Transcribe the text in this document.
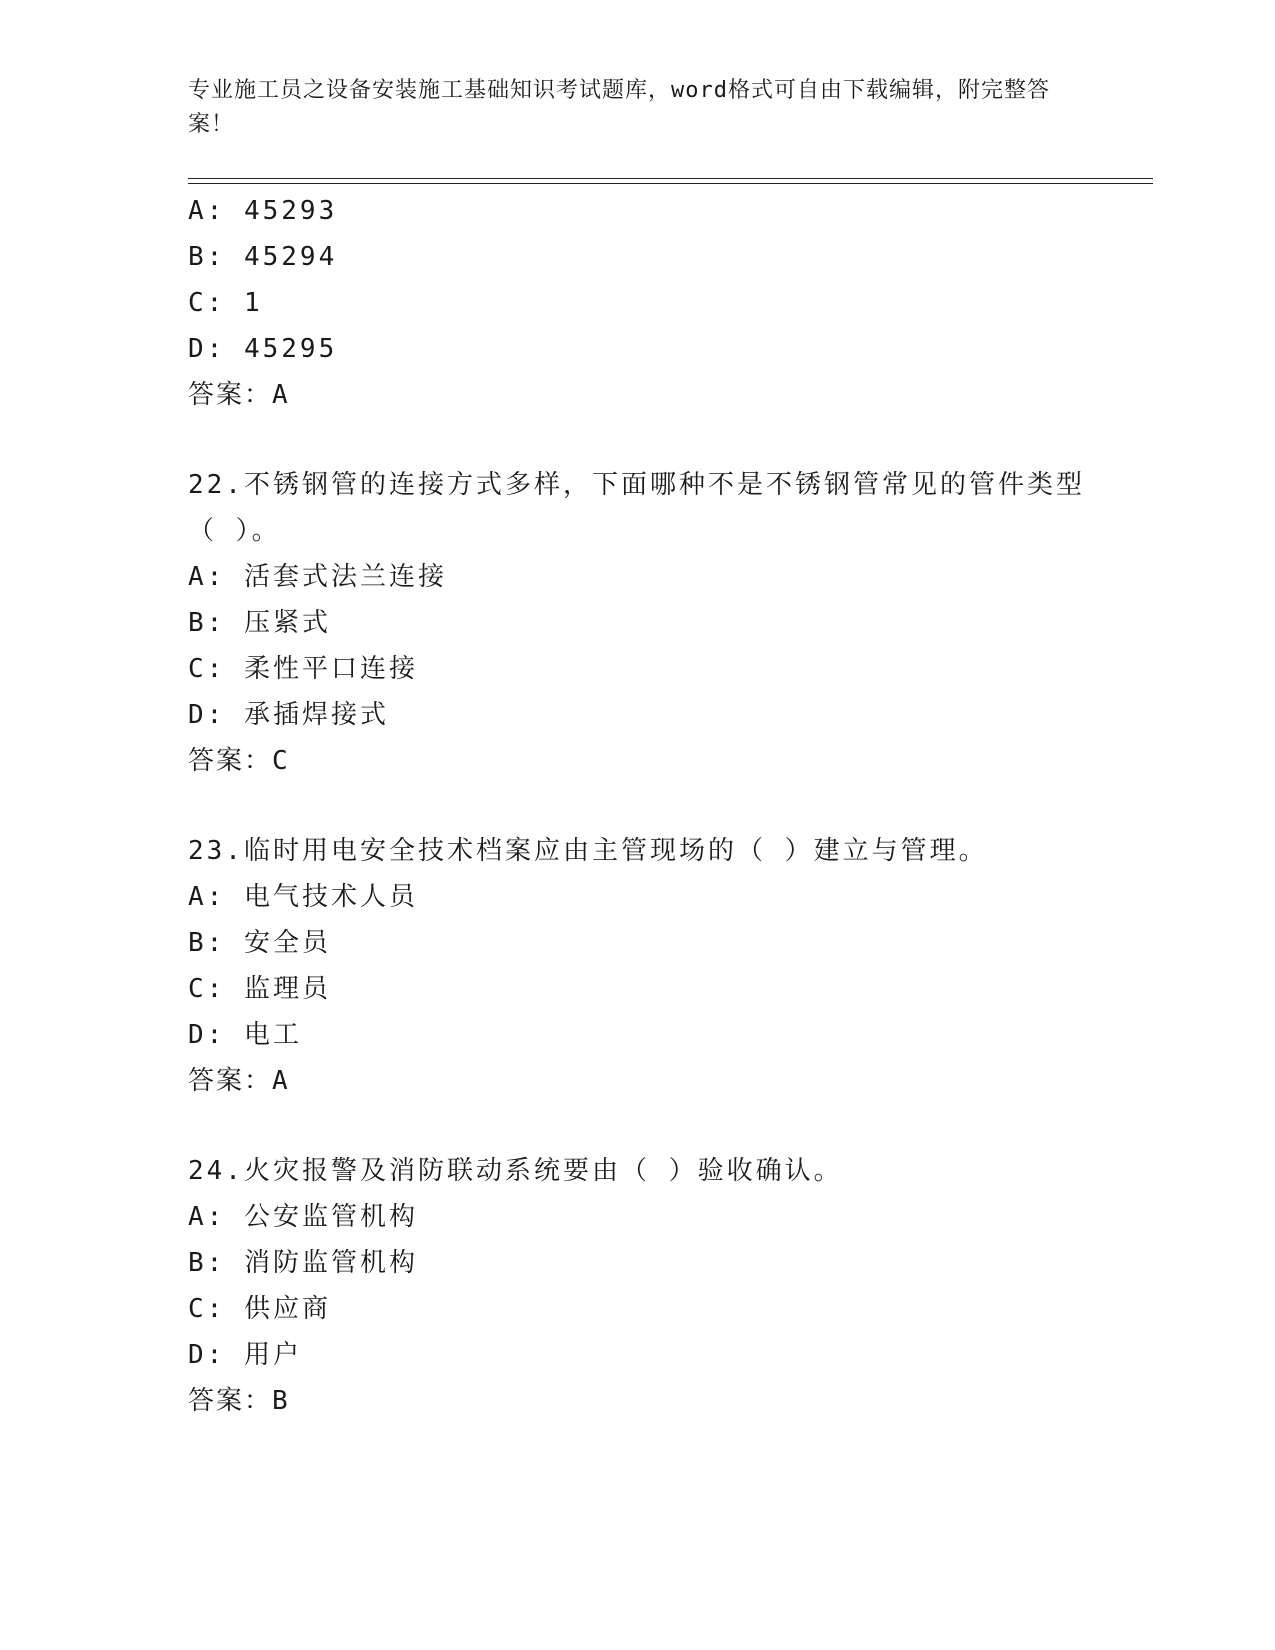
专业施工员之设备安装施工基础知识考试题库，word格式可自由下载编辑，附完整答案！
A: 45293
B: 45294
C: 1
D: 45295
答案：A
22.不锈钢管的连接方式多样，下面哪种不是不锈钢管常见的管件类型（ ）。
A: 活套式法兰连接
B: 压紧式
C: 柔性平口连接
D: 承插焊接式
答案：C
23.临时用电安全技术档案应由主管现场的（ ）建立与管理。
A: 电气技术人员
B: 安全员
C: 监理员
D: 电工
答案：A
24.火灾报警及消防联动系统要由（ ）验收确认。
A: 公安监管机构
B: 消防监管机构
C: 供应商
D: 用户
答案：B
